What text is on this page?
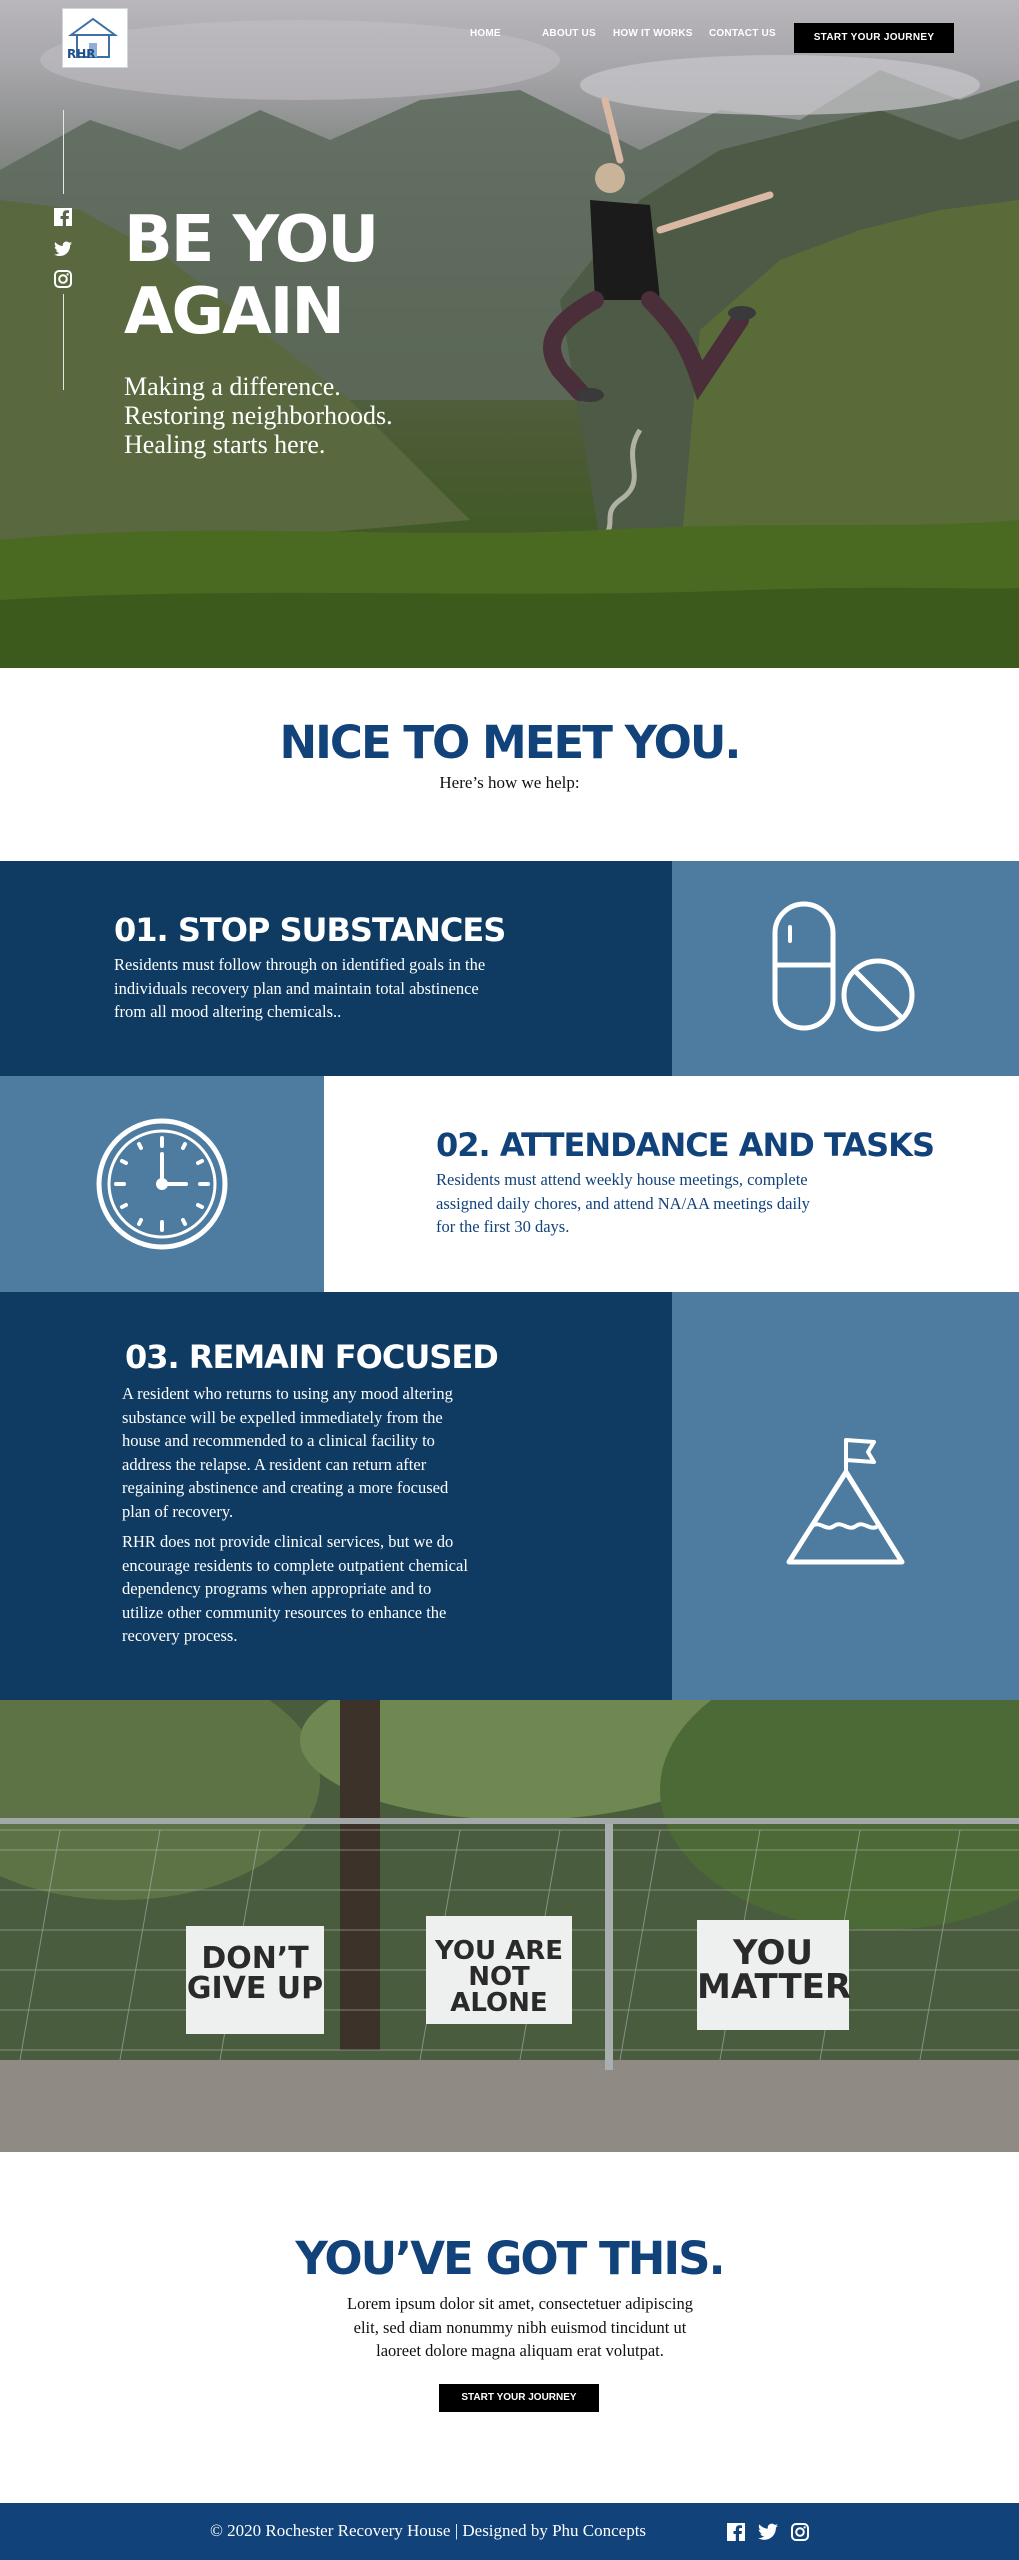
RHR
HOME	ABOUT US HOW IT WORKS CONTACT US	START YOUR JOURNEY
BE YOU
AGAIN

Making a difference.
Restoring neighborhoods.
Healing starts here.

NICE TO MEET YOU.

Here’s how we help:

01. STOP SUBSTANCES

Residents must follow through on identified goals in the
individuals recovery plan and maintain total abstinence
from all mood altering chemicals..

02. ATTENDANCE AND TASKS

Residents must attend weekly house meetings, complete
assigned daily chores, and attend NA/AA meetings daily
for the first 30 days.

03. REMAIN FOCUSED

A resident who returns to using any mood altering
substance will be expelled immediately from the
house and recommended to a clinical facility to
address the relapse. A resident can return after
regaining abstinence and creating a more focused
plan of recovery.

RHR does not provide clinical services, but we do
encourage residents to complete outpatient chemical
dependency programs when appropriate and to
utilize other community resources to enhance the
recovery process.

DON’T
GIVE UP
YOU ARE
NOT ALONE
YOU
MATTER
YOU’VE GOT THIS.

Lorem ipsum dolor sit amet, consectetuer adipiscing
elit, sed diam nonummy nibh euismod tincidunt ut
laoreet dolore magna aliquam erat volutpat.

START YOUR JOURNEY
© 2020 Rochester Recovery House | Designed by Phu Concepts
